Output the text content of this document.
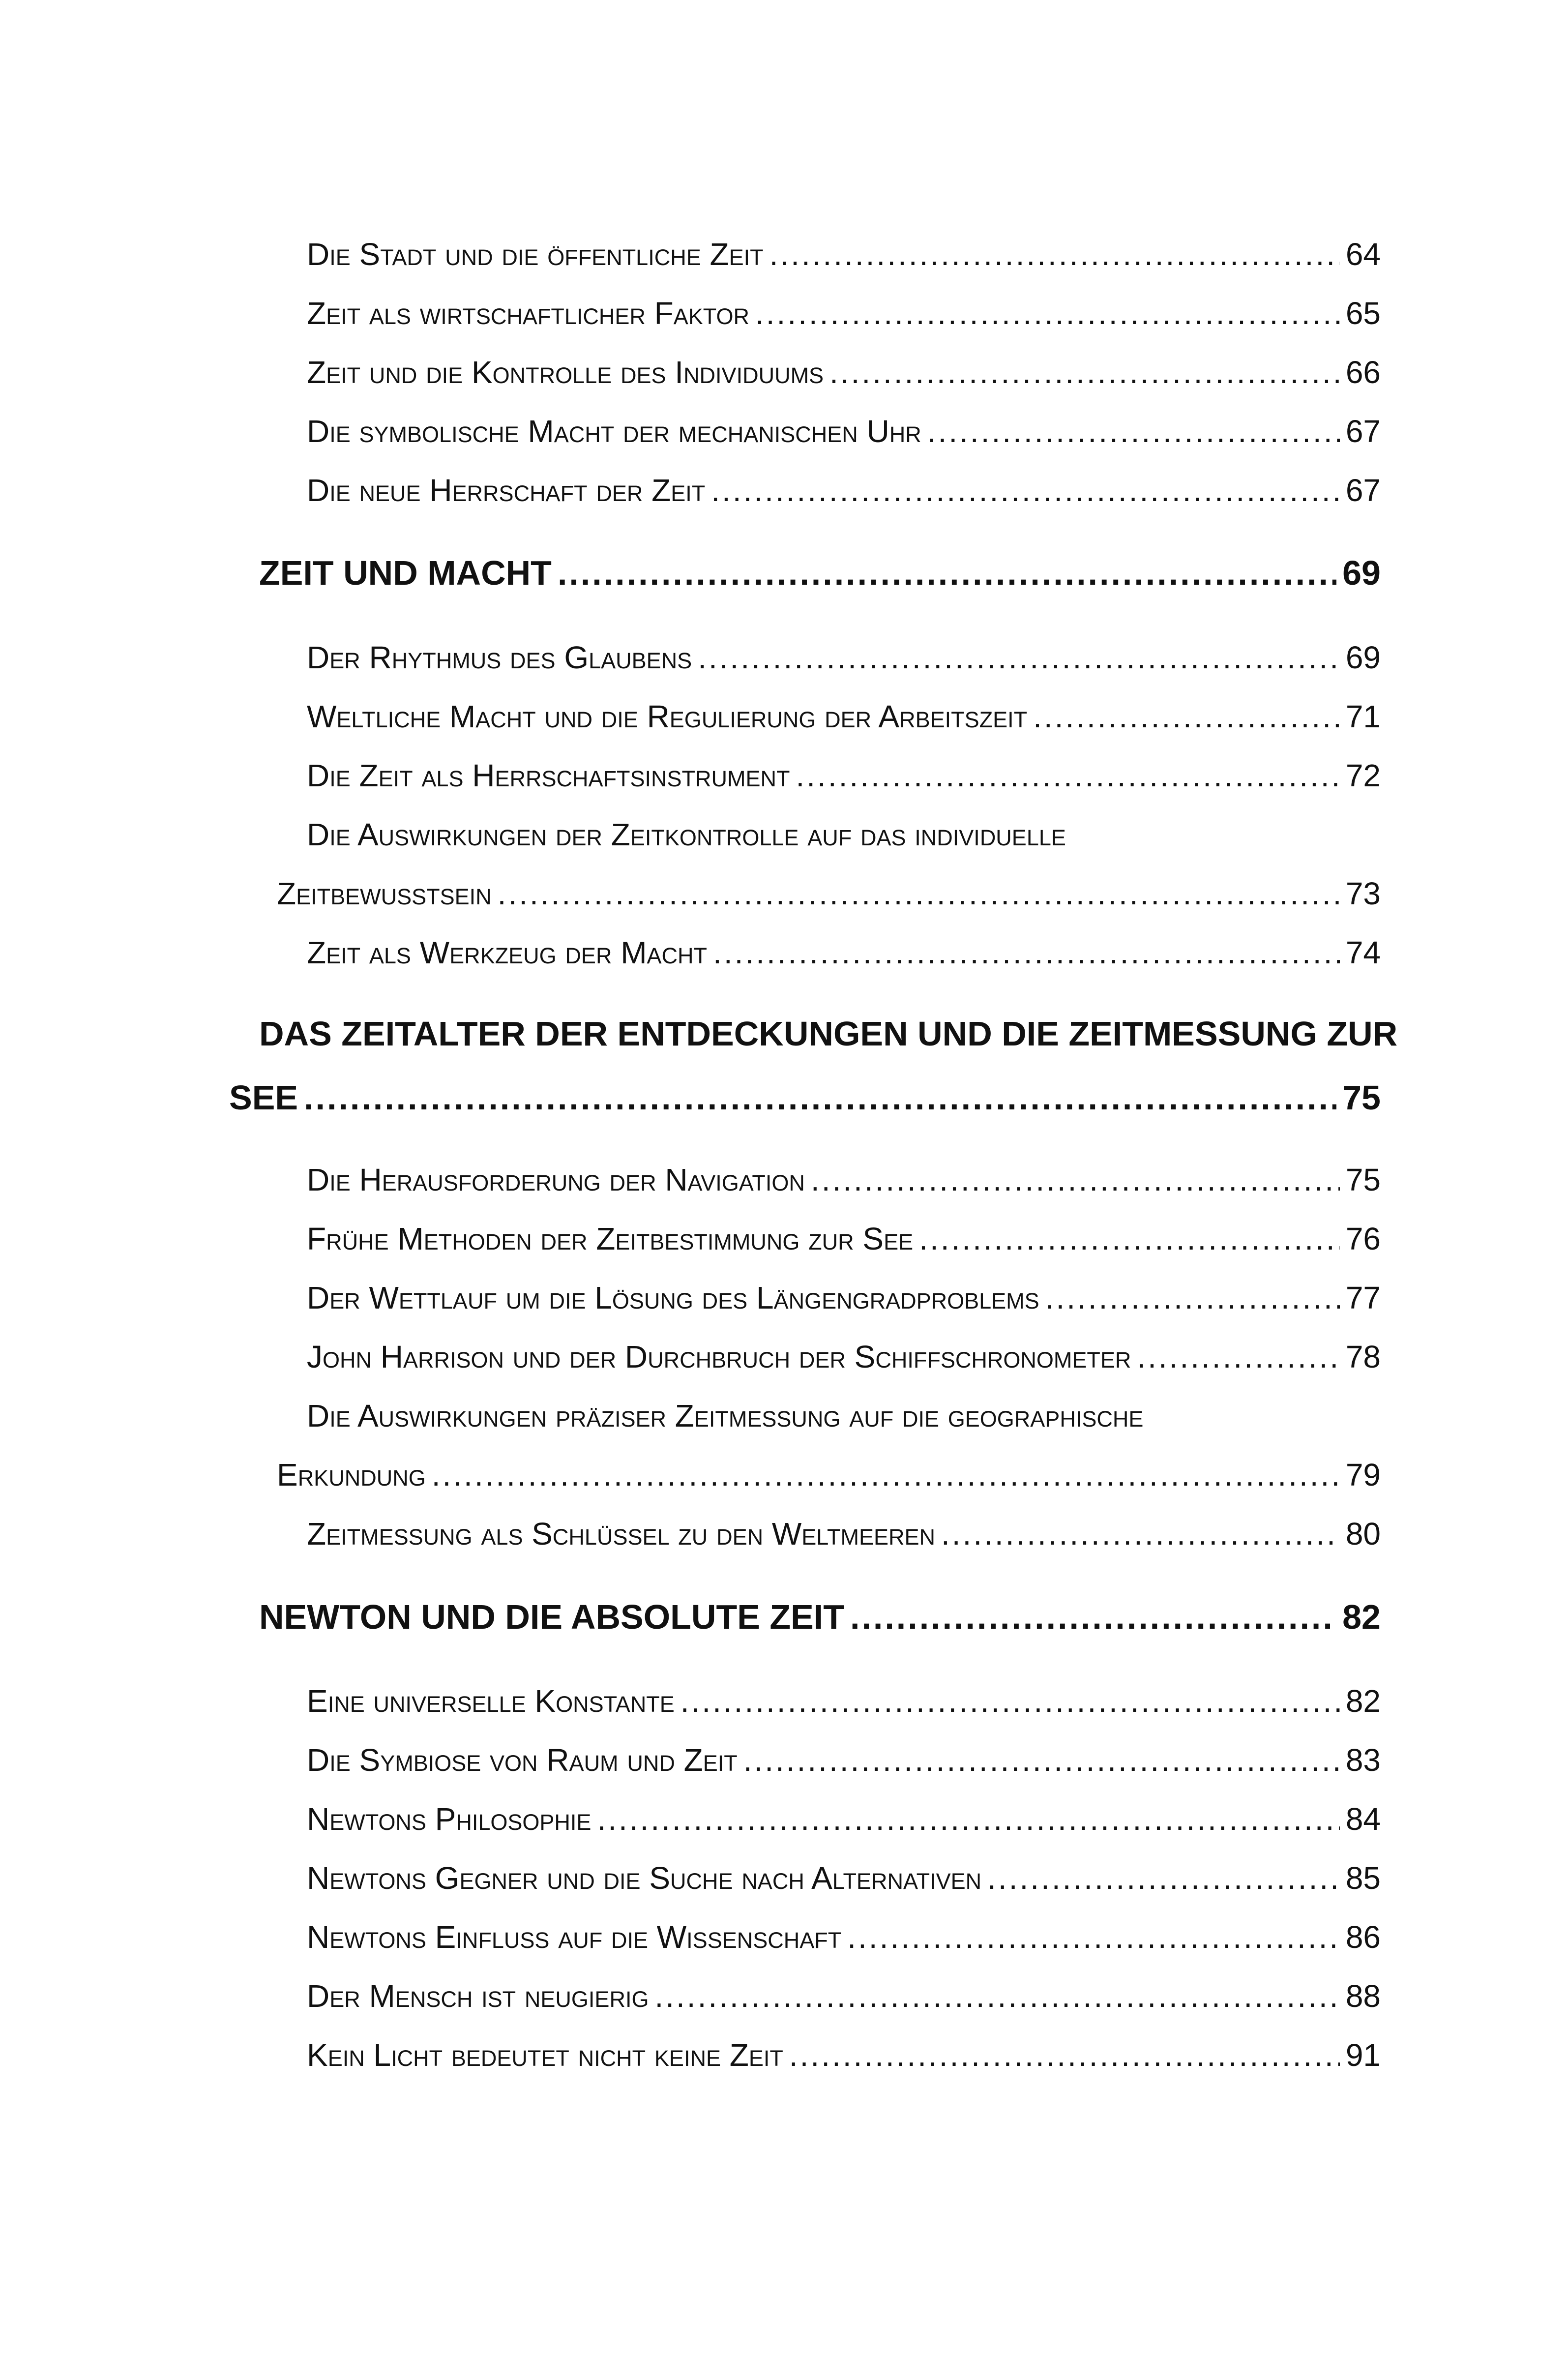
Die Stadt und die öffentliche Zeit .....	64
Zeit als wirtschaftlicher Faktor .....	65
Zeit und die Kontrolle des Individuums .....	66
Die symbolische Macht der mechanischen Uhr .....	67
Die neue Herrschaft der Zeit .....	67
ZEIT UND MACHT .....	69
Der Rhythmus des Glaubens .....	69
Weltliche Macht und die Regulierung der Arbeitszeit .....	71
Die Zeit als Herrschaftsinstrument .....	72
Die Auswirkungen der Zeitkontrolle auf das individuelle
Zeitbewusstsein .....	73
Zeit als Werkzeug der Macht .....	74
DAS ZEITALTER DER ENTDECKUNGEN UND DIE ZEITMESSUNG ZUR
SEE .....	75
Die Herausforderung der Navigation .....	75
Frühe Methoden der Zeitbestimmung zur See .....	76
Der Wettlauf um die Lösung des Längengradproblems .....	77
John Harrison und der Durchbruch der Schiffschronometer .....	78
Die Auswirkungen präziser Zeitmessung auf die geographische
Erkundung .....	79
Zeitmessung als Schlüssel zu den Weltmeeren .....	80
NEWTON UND DIE ABSOLUTE ZEIT .....	82
Eine universelle Konstante .....	82
Die Symbiose von Raum und Zeit .....	83
Newtons Philosophie .....	84
Newtons Gegner und die Suche nach Alternativen .....	85
Newtons Einfluss auf die Wissenschaft .....	86
Der Mensch ist neugierig .....	88
Kein Licht bedeutet nicht keine Zeit .....	91
